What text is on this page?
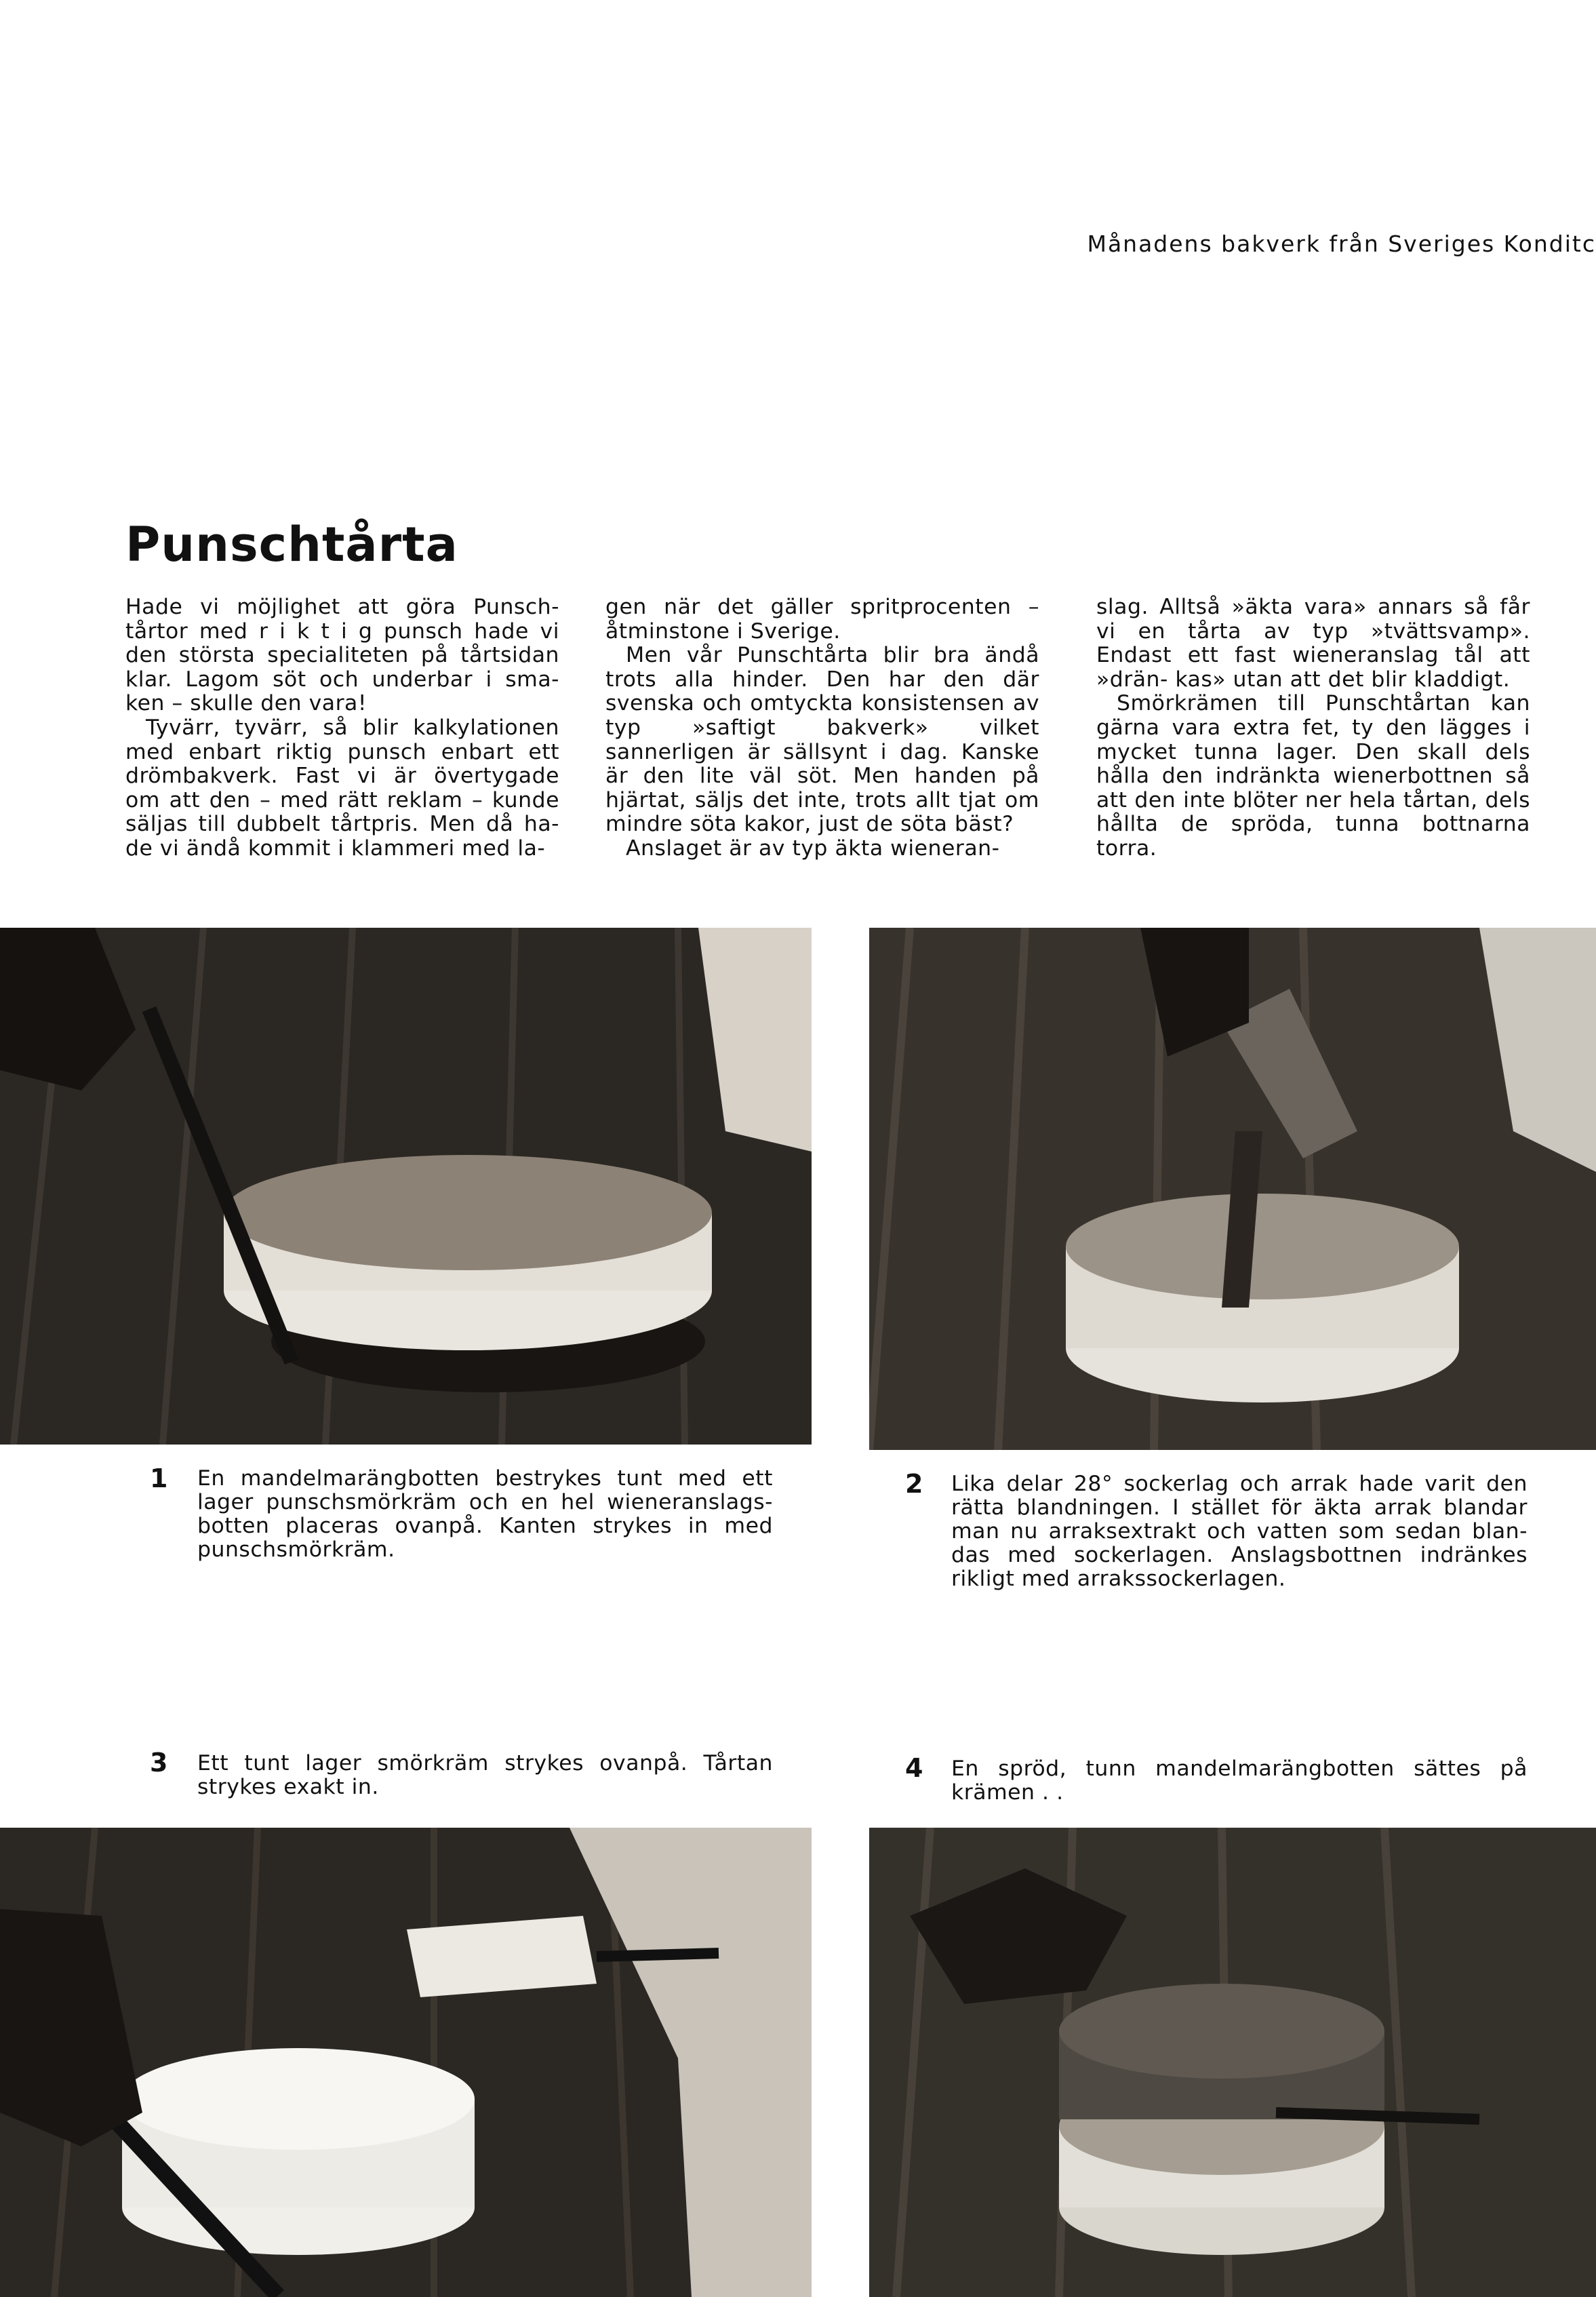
Månadens bakverk från Sveriges Konditc
Punschtårta

Hade vi möjlighet att göra Punsch- tårtor med r i k t i g punsch hade vi den största specialiteten på tårtsidan klar. Lagom söt och underbar i sma- ken – skulle den vara!

Tyvärr, tyvärr, så blir kalkylationen med enbart riktig punsch enbart ett drömbakverk. Fast vi är övertygade om att den – med rätt reklam – kunde säljas till dubbelt tårtpris. Men då ha- de vi ändå kommit i klammeri med la-

gen när det gäller spritprocenten – åtminstone i Sverige.

Men vår Punschtårta blir bra ändå trots alla hinder. Den har den där svenska och omtyckta konsistensen av typ »saftigt bakverk» vilket sannerligen är sällsynt i dag. Kanske är den lite väl söt. Men handen på hjärtat, säljs det inte, trots allt tjat om mindre söta kakor, just de söta bäst?

Anslaget är av typ äkta wieneran-

slag. Alltså »äkta vara» annars så får vi en tårta av typ »tvättsvamp». Endast ett fast wieneranslag tål att »drän- kas» utan att det blir kladdigt.

Smörkrämen till Punschtårtan kan gärna vara extra fet, ty den lägges i mycket tunna lager. Den skall dels hålla den indränkta wienerbottnen så att den inte blöter ner hela tårtan, dels hållta de spröda, tunna bottnarna torra.

1 En mandelmarängbotten bestrykes tunt med ett lager punschsmörkräm och en hel wieneranslags- botten placeras ovanpå. Kanten strykes in med punschsmörkräm.
2 Lika delar 28° sockerlag och arrak hade varit den rätta blandningen. I stället för äkta arrak blandar man nu arraksextrakt och vatten som sedan blan- das med sockerlagen. Anslagsbottnen indränkes rikligt med arrakssockerlagen.
3 Ett tunt lager smörkräm strykes ovanpå. Tårtan strykes exakt in.
4 En spröd, tunn mandelmarängbotten sättes på krämen . .
